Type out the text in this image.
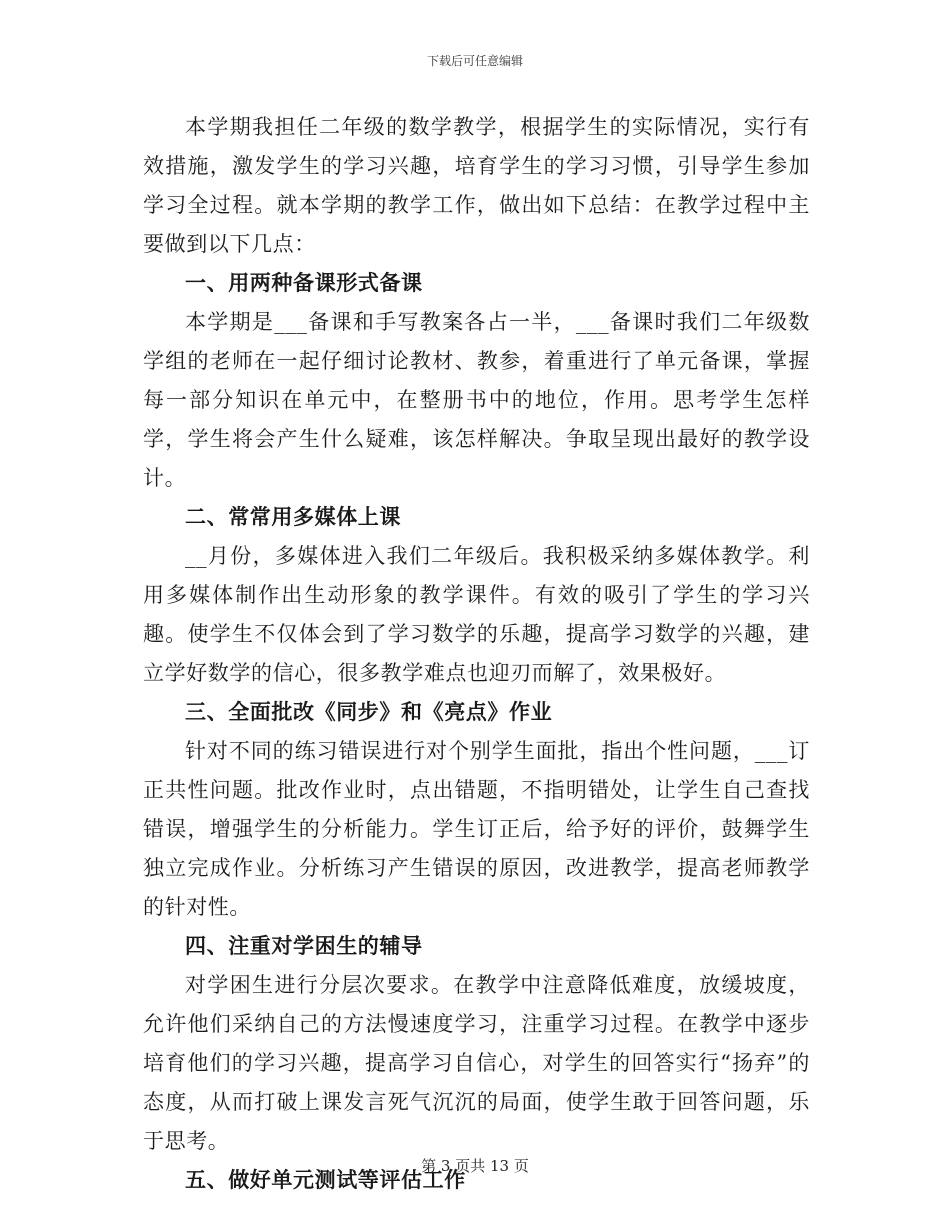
下载后可任意编辑

本学期我担任二年级的数学教学，根据学生的实际情况，实行有效措施，激发学生的学习兴趣，培育学生的学习习惯，引导学生参加学习全过程。就本学期的教学工作，做出如下总结：在教学过程中主要做到以下几点：

一、用两种备课形式备课

本学期是___备课和手写教案各占一半，___备课时我们二年级数学组的老师在一起仔细讨论教材、教参，着重进行了单元备课，掌握每一部分知识在单元中，在整册书中的地位，作用。思考学生怎样学，学生将会产生什么疑难，该怎样解决。争取呈现出最好的教学设计。

二、常常用多媒体上课

__月份，多媒体进入我们二年级后。我积极采纳多媒体教学。利用多媒体制作出生动形象的教学课件。有效的吸引了学生的学习兴趣。使学生不仅体会到了学习数学的乐趣，提高学习数学的兴趣，建立学好数学的信心，很多教学难点也迎刃而解了，效果极好。

三、全面批改《同步》和《亮点》作业

针对不同的练习错误进行对个别学生面批，指出个性问题，___订正共性问题。批改作业时，点出错题，不指明错处，让学生自己查找错误，增强学生的分析能力。学生订正后，给予好的评价，鼓舞学生独立完成作业。分析练习产生错误的原因，改进教学，提高老师教学的针对性。

四、注重对学困生的辅导

对学困生进行分层次要求。在教学中注意降低难度，放缓坡度，允许他们采纳自己的方法慢速度学习，注重学习过程。在教学中逐步培育他们的学习兴趣，提高学习自信心，对学生的回答实行“扬弃”的态度，从而打破上课发言死气沉沉的局面，使学生敢于回答问题，乐于思考。

五、做好单元测试等评估工作
第 3 页共 13 页
